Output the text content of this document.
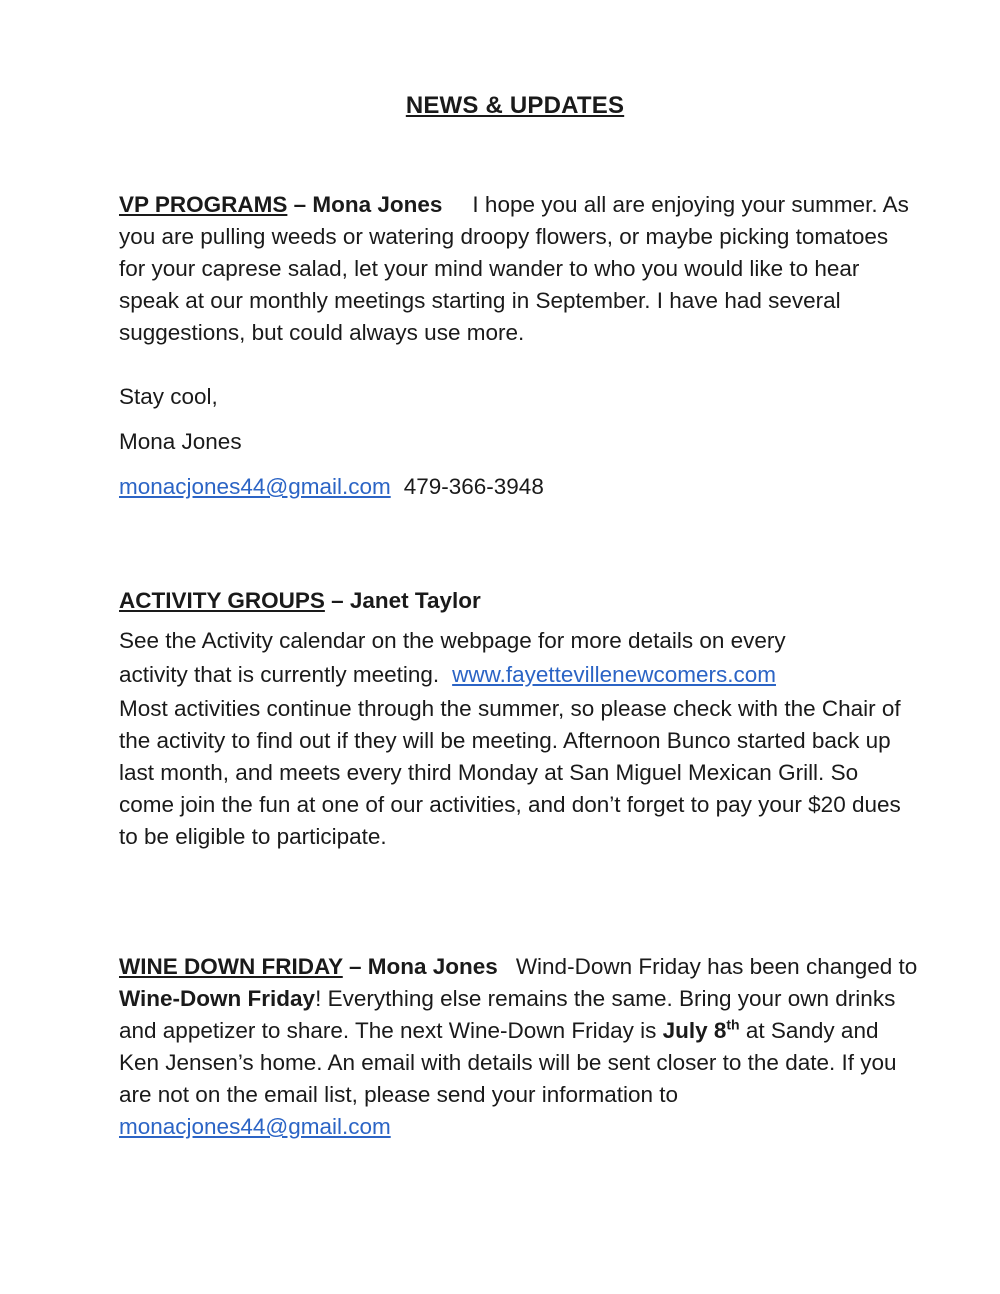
NEWS & UPDATES

VP PROGRAMS – Mona Jones I hope you all are enjoying your summer. As you are pulling weeds or watering droopy flowers, or maybe picking tomatoes for your caprese salad, let your mind wander to who you would like to hear speak at our monthly meetings starting in September. I have had several suggestions, but could always use more.

Stay cool,

Mona Jones

monacjones44@gmail.com 479-366-3948

ACTIVITY GROUPS – Janet Taylor

See the Activity calendar on the webpage for more details on every

activity that is currently meeting. www.fayettevillenewcomers.com

Most activities continue through the summer, so please check with the Chair of the activity to find out if they will be meeting. Afternoon Bunco started back up last month, and meets every third Monday at San Miguel Mexican Grill. So come join the fun at one of our activities, and don’t forget to pay your $20 dues to be eligible to participate.

WINE DOWN FRIDAY – Mona Jones Wind-Down Friday has been changed to Wine-Down Friday! Everything else remains the same. Bring your own drinks and appetizer to share. The next Wine-Down Friday is July 8th at Sandy and Ken Jensen’s home. An email with details will be sent closer to the date. If you are not on the email list, please send your information to monacjones44@gmail.com
